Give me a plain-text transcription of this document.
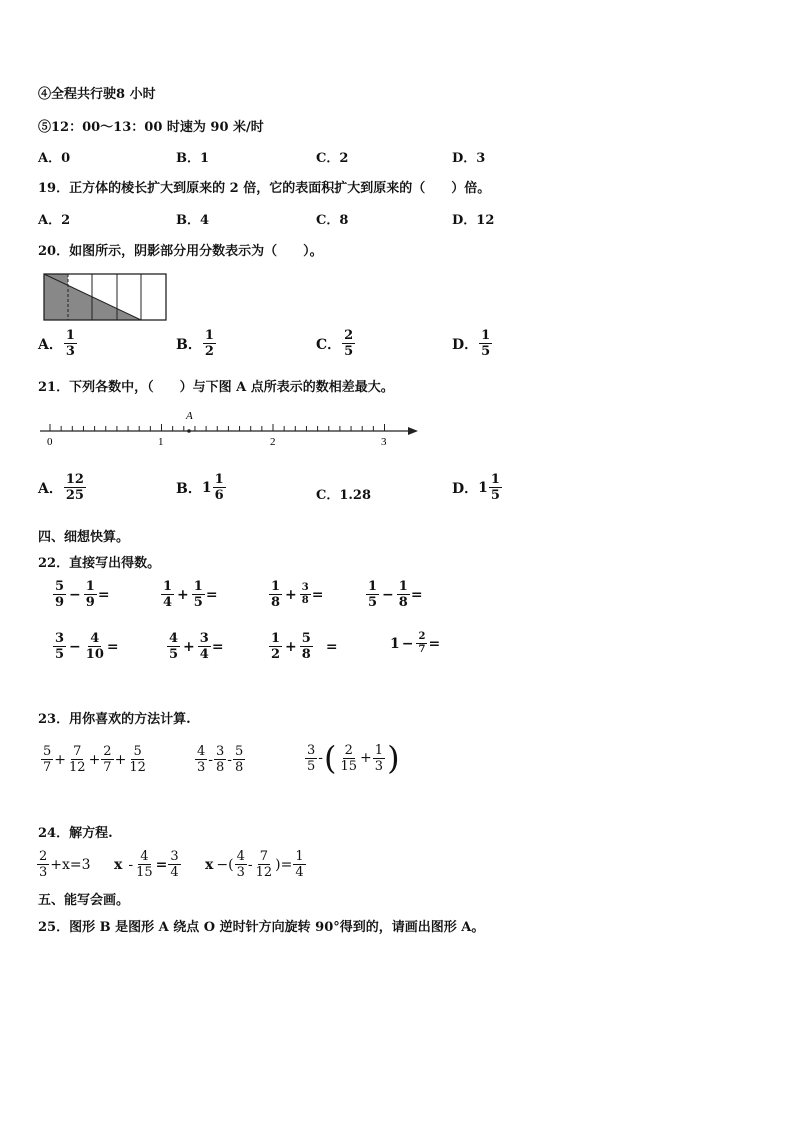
④全程共行驶8 小时
⑤12：00～13：00 时速为 90 米/时
A．0	B．1	C．2	D．3
19．正方体的棱长扩大到原来的 2 倍，它的表面积扩大到原来的（　　）倍。
A．2	B．4	C．8	D．12
20．如图所示，阴影部分用分数表示为（　　）。
A． $\frac{1}{3}$	B． $\frac{1}{2}$	C． $\frac{2}{5}$	D． $\frac{1}{5}$
21．下列各数中，（　　）与下图 A 点所表示的数相差最大。
A
0	1	2	3
A． $\frac{12}{25}$	B． $1 \frac{1}{6}$	C．1.28	D． $1 \frac{1}{5}$
四、细想快算。
22．直接写出得数。
$\frac{5}{9} - \frac{1}{9}$ =	$\frac{1}{4} + \frac{1}{5}$ =	$\frac{1}{8} + \frac{3}{8}$ =	$\frac{1}{5} - \frac{1}{8}$ =
$\frac{3}{5} - \frac{4}{10}$ =	$\frac{4}{5} + \frac{3}{4}$ =	$\frac{1}{2} + \frac{5}{8}$ =	$1 - \frac{2}{7}$ =
23．用你喜欢的方法计算.
$\frac{5}{7} + \frac{7}{12} + \frac{2}{7} + \frac{5}{12}$	$\frac{4}{3} - \frac{3}{8} - \frac{5}{8}$	$\frac{3}{5}$ - ( $\frac{2}{15} + \frac{1}{3}$ )
24．解方程.
$\frac{2}{3} +x=3$ $x - \frac{4}{15} = \frac{3}{4}$ x −( $\frac{4}{3} - \frac{7}{12}$ )= $\frac{1}{4}$
五、能写会画。
25．图形 B 是图形 A 绕点 O 逆时针方向旋转 90°得到的，请画出图形 A。
